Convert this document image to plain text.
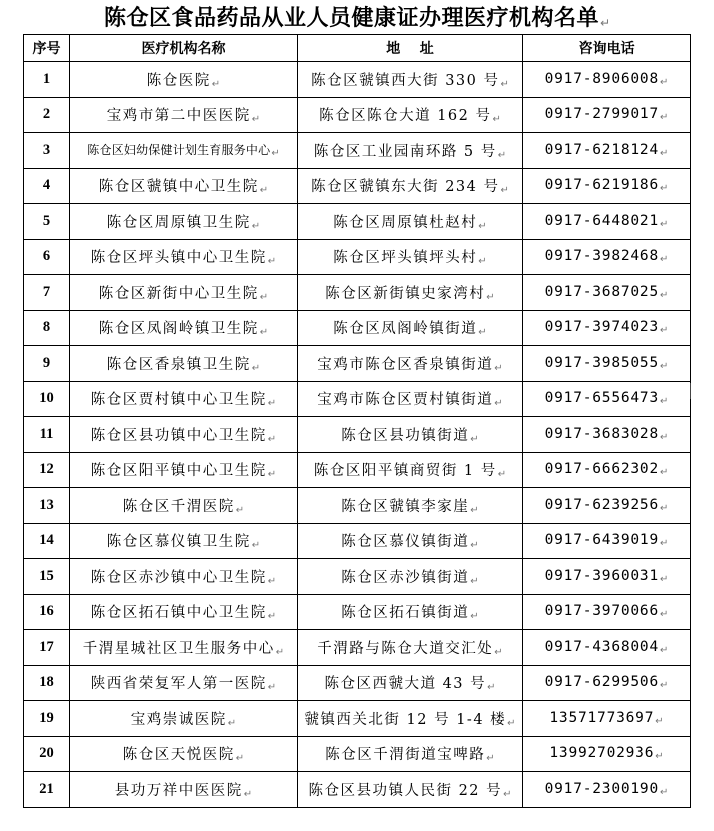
陈仓区食品药品从业人员健康证办理医疗机构名单↵
序号	医疗机构名称	地    址	咨询电话
1	陈仓医院↵	陈仓区虢镇西大街 330 号↵	0917-8906008↵
2	宝鸡市第二中医医院↵	陈仓区陈仓大道 162 号↵	0917-2799017↵
3	陈仓区妇幼保健计划生育服务中心↵	陈仓区工业园南环路 5 号↵	0917-6218124↵
4	陈仓区虢镇中心卫生院↵	陈仓区虢镇东大街 234 号↵	0917-6219186↵
5	陈仓区周原镇卫生院↵	陈仓区周原镇杜赵村↵	0917-6448021↵
6	陈仓区坪头镇中心卫生院↵	陈仓区坪头镇坪头村↵	0917-3982468↵
7	陈仓区新街中心卫生院↵	陈仓区新街镇史家湾村↵	0917-3687025↵
8	陈仓区凤阁岭镇卫生院↵	陈仓区凤阁岭镇街道↵	0917-3974023↵
9	陈仓区香泉镇卫生院↵	宝鸡市陈仓区香泉镇街道↵	0917-3985055↵
10	陈仓区贾村镇中心卫生院↵	宝鸡市陈仓区贾村镇街道↵	0917-6556473↵
11	陈仓区县功镇中心卫生院↵	陈仓区县功镇街道↵	0917-3683028↵
12	陈仓区阳平镇中心卫生院↵	陈仓区阳平镇商贸街 1 号↵	0917-6662302↵
13	陈仓区千渭医院↵	陈仓区虢镇李家崖↵	0917-6239256↵
14	陈仓区慕仪镇卫生院↵	陈仓区慕仪镇街道↵	0917-6439019↵
15	陈仓区赤沙镇中心卫生院↵	陈仓区赤沙镇街道↵	0917-3960031↵
16	陈仓区拓石镇中心卫生院↵	陈仓区拓石镇街道↵	0917-3970066↵
17	千渭星城社区卫生服务中心↵	千渭路与陈仓大道交汇处↵	0917-4368004↵
18	陕西省荣复军人第一医院↵	陈仓区西虢大道 43 号↵	0917-6299506↵
19	宝鸡崇诚医院↵	虢镇西关北街 12 号 1-4 楼↵	13571773697↵
20	陈仓区天悦医院↵	陈仓区千渭街道宝啤路↵	13992702936↵
21	县功万祥中医医院↵	陈仓区县功镇人民街 22 号↵	0917-2300190↵
